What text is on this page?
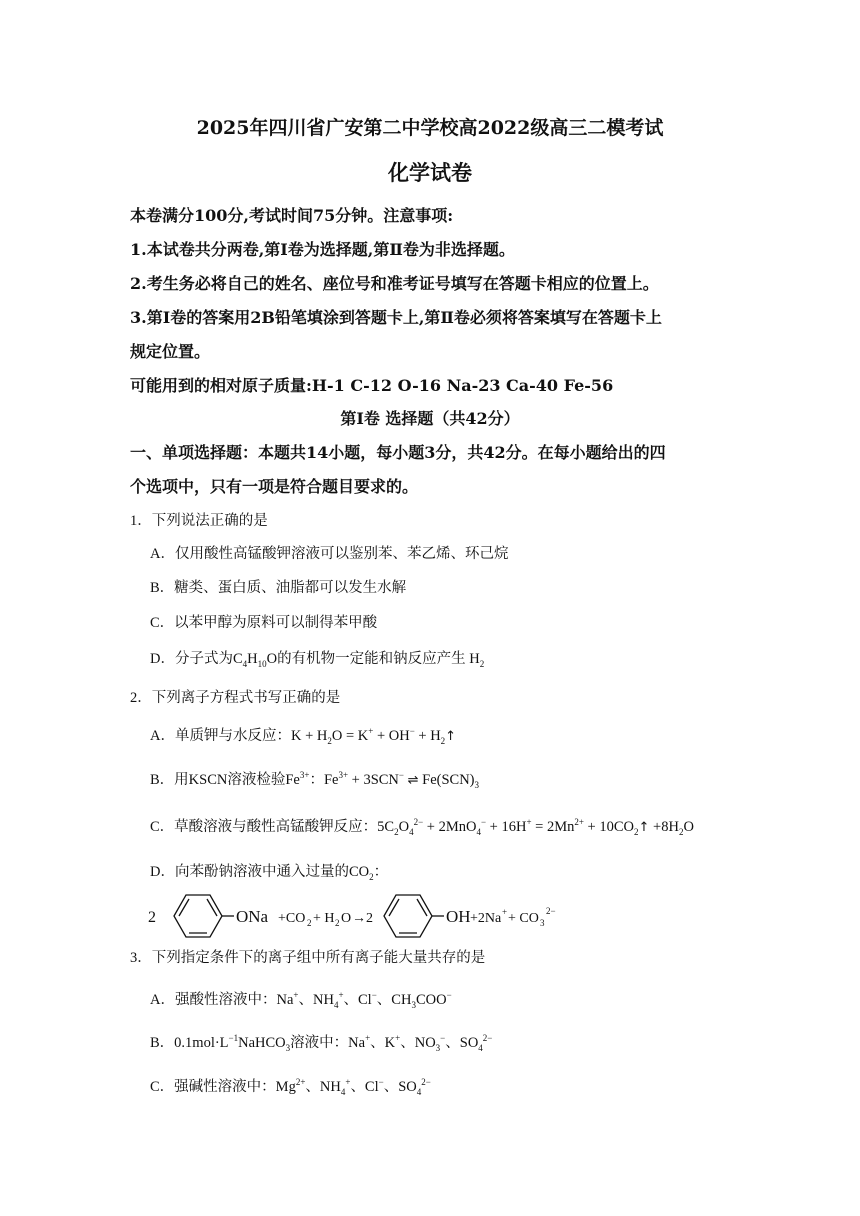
2025年四川省广安第二中学校高2022级高三二模考试
化学试卷
本卷满分100分,考试时间75分钟。注意事项:
1.本试卷共分两卷,第Ⅰ卷为选择题,第Ⅱ卷为非选择题。
2.考生务必将自己的姓名、座位号和准考证号填写在答题卡相应的位置上。
3.第Ⅰ卷的答案用2B铅笔填涂到答题卡上,第Ⅱ卷必须将答案填写在答题卡上
规定位置。
可能用到的相对原子质量:H-1 C-12 O-16 Na-23 Ca-40 Fe-56
第Ⅰ卷 选择题（共42分）
一、单项选择题：本题共14小题，每小题3分，共42分。在每小题给出的四
个选项中，只有一项是符合题目要求的。
1．下列说法正确的是
A．仅用酸性高锰酸钾溶液可以鉴别苯、苯乙烯、环己烷
B．糖类、蛋白质、油脂都可以发生水解
C．以苯甲醇为原料可以制得苯甲酸
D．分子式为$C_4H_{10}O$的有机物一定能和钠反应产生 $H_2$
2．下列离子方程式书写正确的是
A．单质钾与水反应：$K + H_2O = K^+ + OH^-$ + $H_2↑$
B．用KSCN溶液检验$Fe^{3+}$：$Fe^{3+} + 3SCN^-$ ⇌ $Fe(SCN)_3$
C．草酸溶液与酸性高锰酸钾反应：$5C_2O_4^{2-} + 2MnO_4^- + 16H^+ = 2Mn^{2+}$ + $10CO_2↑ +8H_2O$
D．向苯酚钠溶液中通入过量的$CO_2$：
2	ONa +CO 2 + H 2 O →2	OH +2Na + + CO 3
2−
3．下列指定条件下的离子组中所有离子能大量共存的是
A．强酸性溶液中：Na+、$NH_4^+$、Cl−、$CH_3COO^-$
B．$0.1mol\cdot L^{-1}NaHCO_3$溶液中：Na+、K+、$NO_3^-$、$SO_4^{2-}$
C．强碱性溶液中：$Mg^{2+}$、$NH_4^+$、Cl−、$SO_4^{2-}$
